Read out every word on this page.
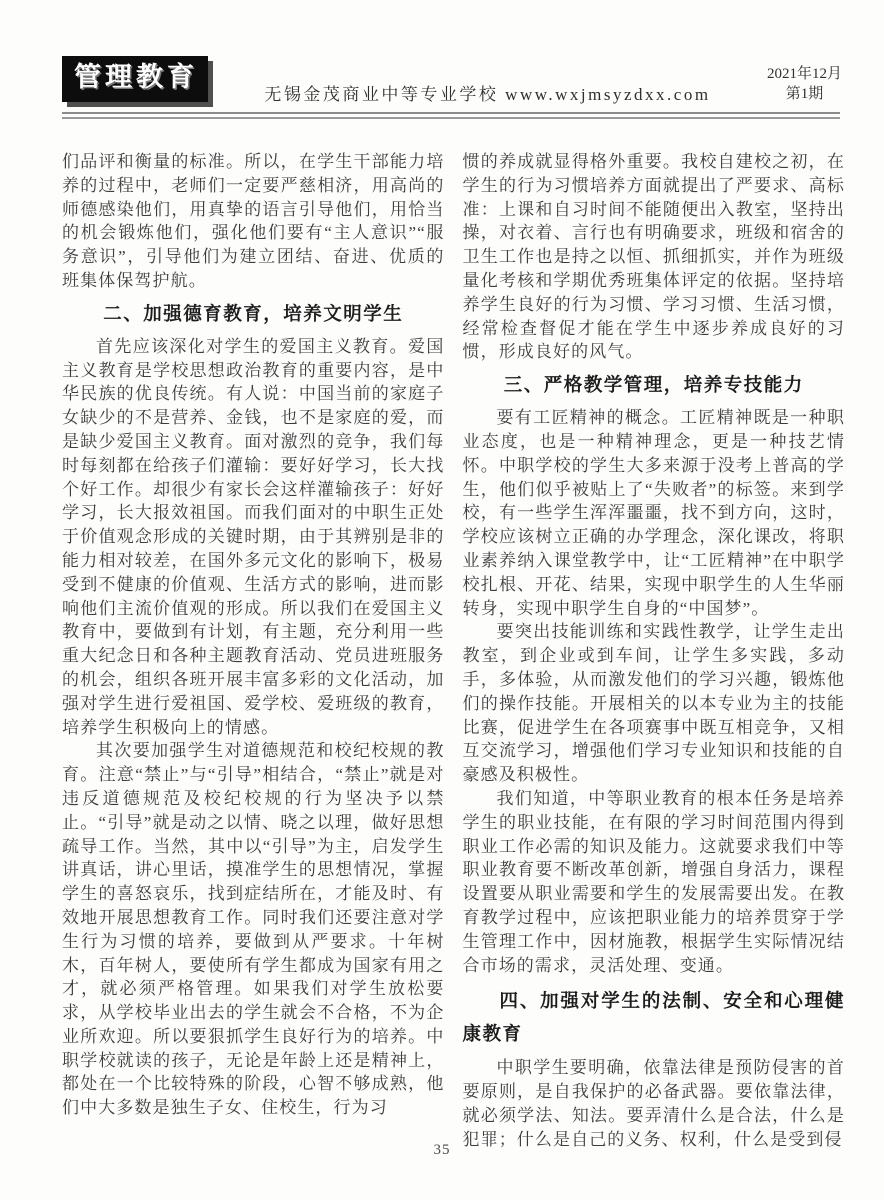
管理教育
无锡金茂商业中等专业学校 www.wxjmsyzdxx.com
2021年12月
第1期

们品评和衡量的标准。所以，在学生干部能力培养的过程中，老师们一定要严慈相济，用高尚的师德感染他们，用真挚的语言引导他们，用恰当的机会锻炼他们，强化他们要有“主人意识”“服务意识”，引导他们为建立团结、奋进、优质的班集体保驾护航。

二、加强德育教育，培养文明学生

首先应该深化对学生的爱国主义教育。爱国主义教育是学校思想政治教育的重要内容，是中华民族的优良传统。有人说：中国当前的家庭子女缺少的不是营养、金钱，也不是家庭的爱，而是缺少爱国主义教育。面对激烈的竞争，我们每时每刻都在给孩子们灌输：要好好学习，长大找个好工作。却很少有家长会这样灌输孩子：好好学习，长大报效祖国。而我们面对的中职生正处于价值观念形成的关键时期，由于其辨别是非的能力相对较差，在国外多元文化的影响下，极易受到不健康的价值观、生活方式的影响，进而影响他们主流价值观的形成。所以我们在爱国主义教育中，要做到有计划，有主题，充分利用一些重大纪念日和各种主题教育活动、党员进班服务的机会，组织各班开展丰富多彩的文化活动，加强对学生进行爱祖国、爱学校、爱班级的教育，培养学生积极向上的情感。

其次要加强学生对道德规范和校纪校规的教育。注意“禁止”与“引导”相结合，“禁止”就是对违反道德规范及校纪校规的行为坚决予以禁止。“引导”就是动之以情、晓之以理，做好思想疏导工作。当然，其中以“引导”为主，启发学生讲真话，讲心里话，摸准学生的思想情况，掌握学生的喜怒哀乐，找到症结所在，才能及时、有效地开展思想教育工作。同时我们还要注意对学生行为习惯的培养，要做到从严要求。十年树木，百年树人，要使所有学生都成为国家有用之才，就必须严格管理。如果我们对学生放松要求，从学校毕业出去的学生就会不合格，不为企业所欢迎。所以要狠抓学生良好行为的培养。中职学校就读的孩子，无论是年龄上还是精神上，都处在一个比较特殊的阶段，心智不够成熟，他们中大多数是独生子女、住校生，行为习

惯的养成就显得格外重要。我校自建校之初，在学生的行为习惯培养方面就提出了严要求、高标准：上课和自习时间不能随便出入教室，坚持出操，对衣着、言行也有明确要求，班级和宿舍的卫生工作也是持之以恒、抓细抓实，并作为班级量化考核和学期优秀班集体评定的依据。坚持培养学生良好的行为习惯、学习习惯、生活习惯，经常检查督促才能在学生中逐步养成良好的习惯，形成良好的风气。

三、严格教学管理，培养专技能力

要有工匠精神的概念。工匠精神既是一种职业态度，也是一种精神理念，更是一种技艺情怀。中职学校的学生大多来源于没考上普高的学生，他们似乎被贴上了“失败者”的标签。来到学校，有一些学生浑浑噩噩，找不到方向，这时，学校应该树立正确的办学理念，深化课改，将职业素养纳入课堂教学中，让“工匠精神”在中职学校扎根、开花、结果，实现中职学生的人生华丽转身，实现中职学生自身的“中国梦”。

要突出技能训练和实践性教学，让学生走出教室，到企业或到车间，让学生多实践，多动手，多体验，从而激发他们的学习兴趣，锻炼他们的操作技能。开展相关的以本专业为主的技能比赛，促进学生在各项赛事中既互相竞争，又相互交流学习，增强他们学习专业知识和技能的自豪感及积极性。

我们知道，中等职业教育的根本任务是培养学生的职业技能，在有限的学习时间范围内得到职业工作必需的知识及能力。这就要求我们中等职业教育要不断改革创新，增强自身活力，课程设置要从职业需要和学生的发展需要出发。在教育教学过程中，应该把职业能力的培养贯穿于学生管理工作中，因材施教，根据学生实际情况结合市场的需求，灵活处理、变通。

四、加强对学生的法制、安全和心理健康教育

中职学生要明确，依靠法律是预防侵害的首要原则，是自我保护的必备武器。要依靠法律，就必须学法、知法。要弄清什么是合法，什么是犯罪；什么是自己的义务、权利，什么是受到侵

35
